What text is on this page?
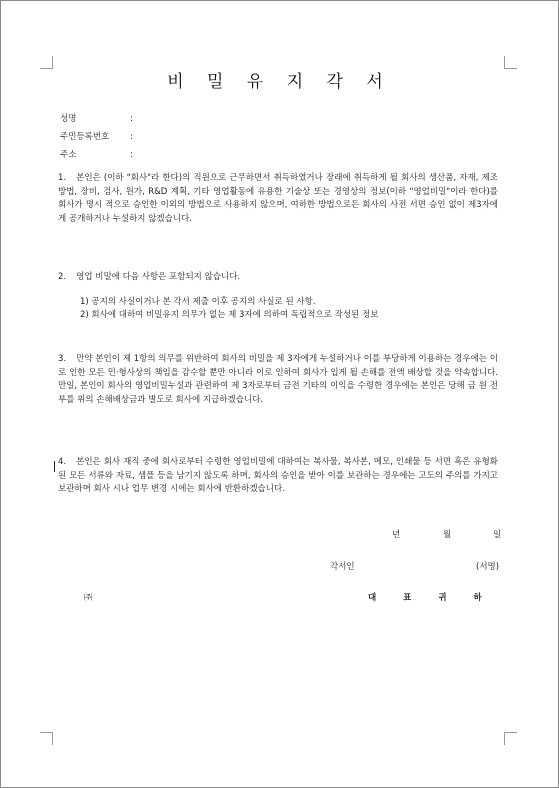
비 밀 유 지 각 서
성명	:
주민등록번호 :
주소	:
1. 본인은 (이하 "회사"라 한다)의 직원으로 근무하면서 취득하였거나 장래에 취득하게 될 회사의 생산품, 자재, 제조방법, 장비, 검사, 원가, R&D 계획, 기타 영업활동에 유용한 기술상 또는 경영상의 정보(이하 "영업비밀"이라 한다)를 회사가 명시 적으로 승인한 이외의 방법으로 사용하지 않으며, 여하한 방법으로든 회사의 사전 서면 승인 없이 제3자에게 공개하거나 누설하지 않겠습니다.
2. 영업 비밀에 다음 사항은 포함되지 않습니다.
1) 공지의 사실이거나 본 각서 제출 이후 공지의 사실로 된 사항.
2) 회사에 대하여 비밀유지 의무가 없는 제 3자에 의하여 독립적으로 작성된 정보
3. 만약 본인이 제 1항의 의무를 위반하여 회사의 비밀을 제 3자에게 누설하거나 이를 부당하게 이용하는 경우에는 이로 인한 모든 민·형사상의 책임을 감수할 뿐만 아니라 이로 인하여 회사가 입게 될 손해를 전액 배상할 것을 약속합니다. 만일, 본인이 회사의 영업비밀누설과 관련하여 제 3자로부터 금전 기타의 이익을 수령한 경우에는 본인은 당해 금 원 전부를 위의 손해배상금과 별도로 회사에 지급하겠습니다.
4. 본인은 회사 재직 중에 회사로부터 수령한 영업비밀에 대하여는 복사물, 복사본, 메모, 인쇄물 등 서면 혹은 유형화된 모든 서류와 자료, 샘플 등을 남기지 않도록 하며, 회사의 승인을 받아 이를 보관하는 경우에는 고도의 주의를 가지고 보관하며 회사 시나 업무 변경 시에는 회사에 반환하겠습니다.
년	월	일
각서인	(서명)
㈜	대 표 귀 하
